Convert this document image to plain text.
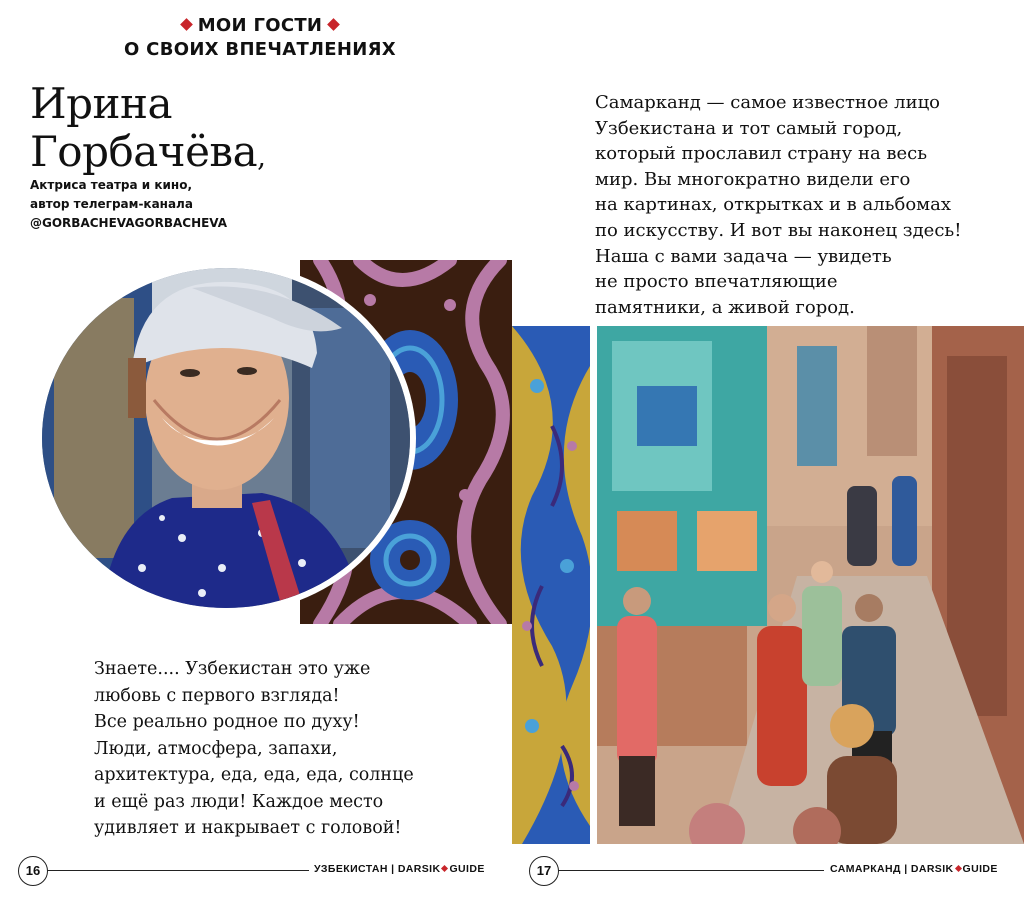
МОИ ГОСТИ
О СВОИХ ВПЕЧАТЛЕНИЯХ
Ирина
Горбачёва,
Актриса театра и кино,
автор телеграм-канала
@GORBACHEVAGORBACHEVA
Знаете.... Узбекистан это уже
любовь с первого взгляда!
Все реально родное по духу!
Люди, атмосфера, запахи,
архитектура, еда, еда, еда, солнце
и ещё раз люди! Каждое место
удивляет и накрывает с головой!
16	УЗБЕКИСТАН | DARSIK GUIDE
Самарканд — самое известное лицо
Узбекистана и тот самый город,
который прославил страну на весь
мир. Вы многократно видели его
на картинах, открытках и в альбомах
по искусству. И вот вы наконец здесь!
Наша с вами задача — увидеть
не просто впечатляющие
памятники, а живой город.
17	САМАРКАНД | DARSIK GUIDE
